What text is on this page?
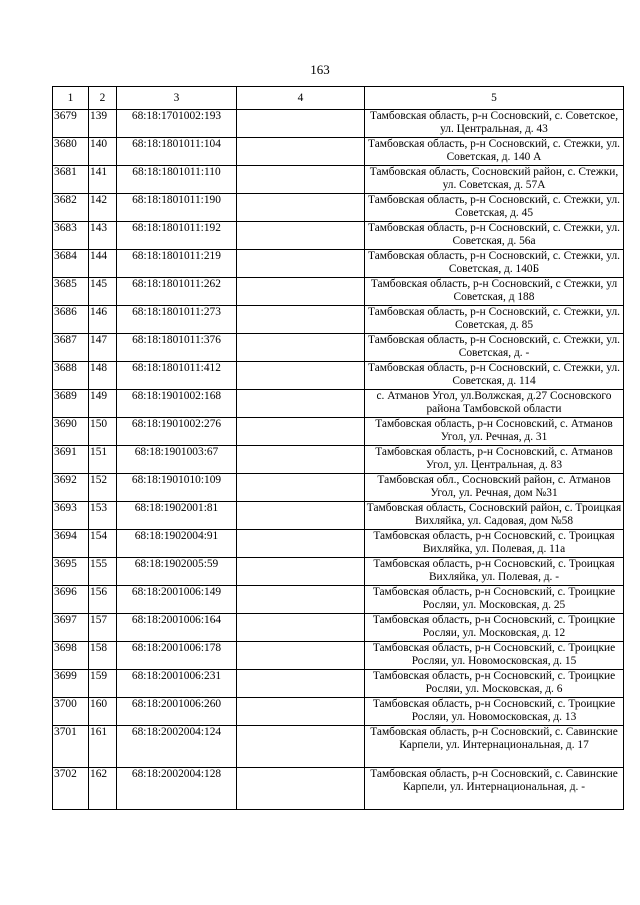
163
1	2	3	4	5
3679	139	68:18:1701002:193		Тамбовская область, р-н Сосновский, с. Советское, ул. Центральная, д. 43
3680	140	68:18:1801011:104		Тамбовская область, р-н Сосновский, с. Стежки, ул. Советская, д. 140 А
3681	141	68:18:1801011:110		Тамбовская область, Сосновский район, с. Стежки, ул. Советская, д. 57А
3682	142	68:18:1801011:190		Тамбовская область, р-н Сосновский, с. Стежки, ул. Советская, д. 45
3683	143	68:18:1801011:192		Тамбовская область, р-н Сосновский, с. Стежки, ул. Советская, д. 56а
3684	144	68:18:1801011:219		Тамбовская область, р-н Сосновский, с. Стежки, ул. Советская, д. 140Б
3685	145	68:18:1801011:262		Тамбовская область, р-н Сосновский, с Стежки, ул Советская, д 188
3686	146	68:18:1801011:273		Тамбовская область, р-н Сосновский, с. Стежки, ул. Советская, д. 85
3687	147	68:18:1801011:376		Тамбовская область, р-н Сосновский, с. Стежки, ул. Советская, д. -
3688	148	68:18:1801011:412		Тамбовская область, р-н Сосновский, с. Стежки, ул. Советская, д. 114
3689	149	68:18:1901002:168		с. Атманов Угол, ул.Волжская, д.27 Сосновского района Тамбовской области
3690	150	68:18:1901002:276		Тамбовская область, р-н Сосновский, с. Атманов Угол, ул. Речная, д. 31
3691	151	68:18:1901003:67		Тамбовская область, р-н Сосновский, с. Атманов Угол, ул. Центральная, д. 83
3692	152	68:18:1901010:109		Тамбовская обл., Сосновский район, с. Атманов Угол, ул. Речная, дом №31
3693	153	68:18:1902001:81		Тамбовская область, Сосновский район, с. Троицкая Вихляйка, ул. Садовая, дом №58
3694	154	68:18:1902004:91		Тамбовская область, р-н Сосновский, с. Троицкая Вихляйка, ул. Полевая, д. 11а
3695	155	68:18:1902005:59		Тамбовская область, р-н Сосновский, с. Троицкая Вихляйка, ул. Полевая, д. -
3696	156	68:18:2001006:149		Тамбовская область, р-н Сосновский, с. Троицкие Росляи, ул. Московская, д. 25
3697	157	68:18:2001006:164		Тамбовская область, р-н Сосновский, с. Троицкие Росляи, ул. Московская, д. 12
3698	158	68:18:2001006:178		Тамбовская область, р-н Сосновский, с. Троицкие Росляи, ул. Новомосковская, д. 15
3699	159	68:18:2001006:231		Тамбовская область, р-н Сосновский, с. Троицкие Росляи, ул. Московская, д. 6
3700	160	68:18:2001006:260		Тамбовская область, р-н Сосновский, с. Троицкие Росляи, ул. Новомосковская, д. 13
3701	161	68:18:2002004:124		Тамбовская область, р-н Сосновский, с. Савинские Карпели, ул. Интернациональная, д. 17
3702	162	68:18:2002004:128		Тамбовская область, р-н Сосновский, с. Савинские Карпели, ул. Интернациональная, д. -
